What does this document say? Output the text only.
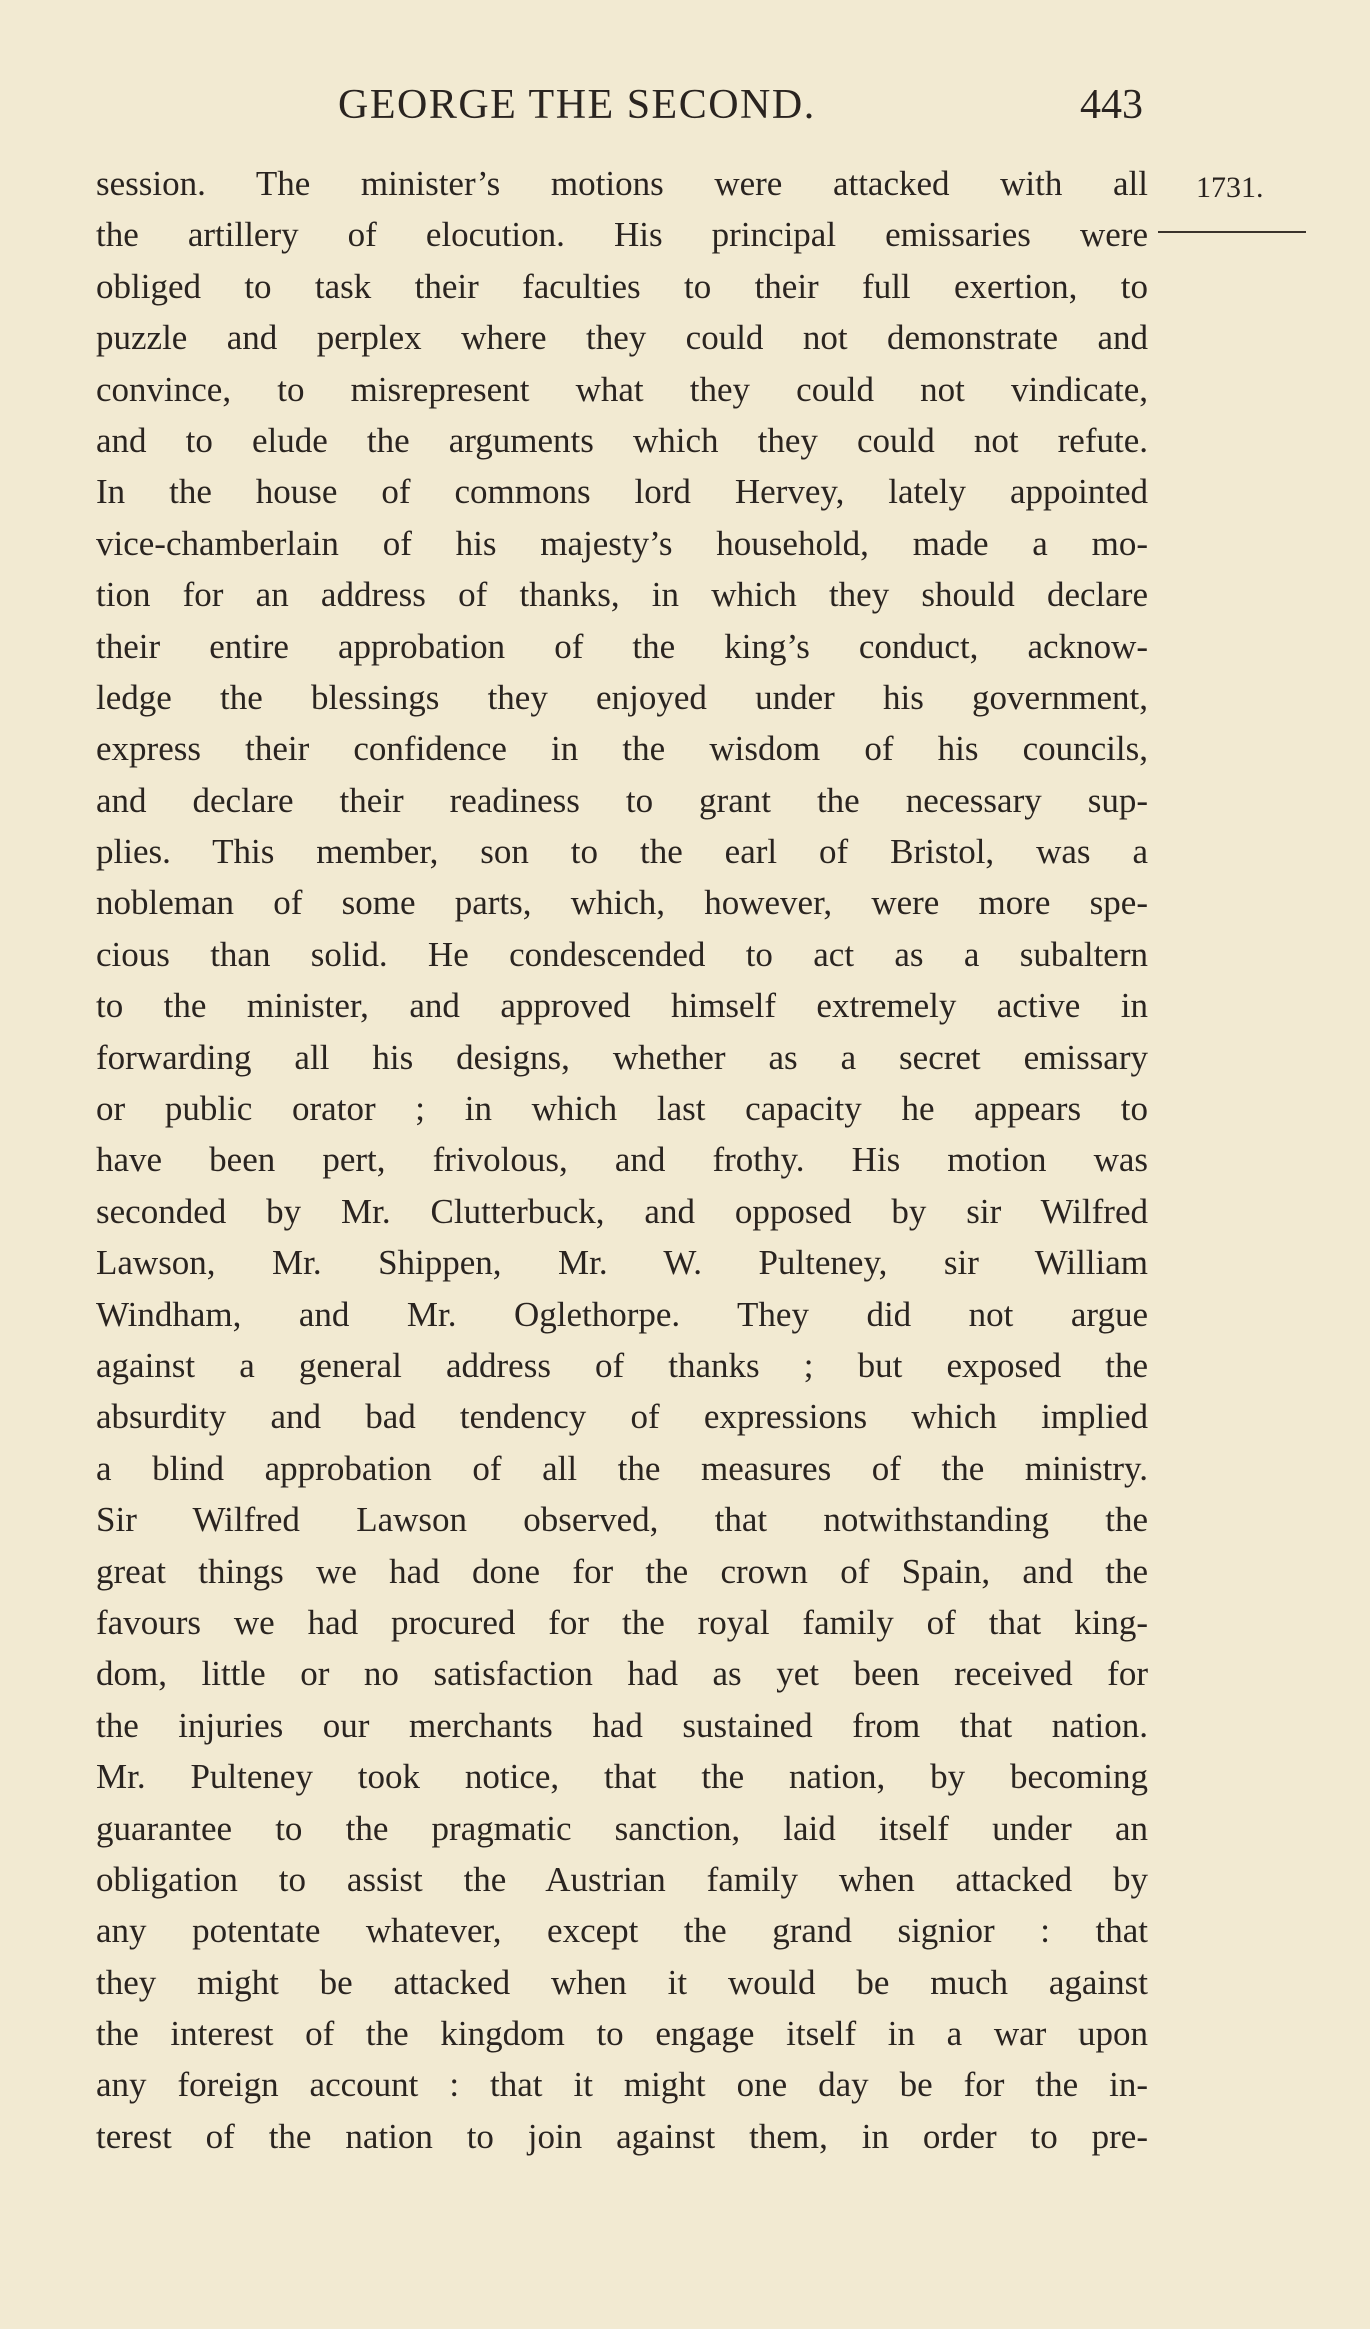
GEORGE THE SECOND.	443
1731.
session. The minister’s motions were attacked with all
the artillery of elocution. His principal emissaries were
obliged to task their faculties to their full exertion, to
puzzle and perplex where they could not demonstrate and
convince, to misrepresent what they could not vindicate,
and to elude the arguments which they could not refute.
In the house of commons lord Hervey, lately appointed
vice-chamberlain of his majesty’s household, made a mo-
tion for an address of thanks, in which they should declare
their entire approbation of the king’s conduct, acknow-
ledge the blessings they enjoyed under his government,
express their confidence in the wisdom of his councils,
and declare their readiness to grant the necessary sup-
plies. This member, son to the earl of Bristol, was a
nobleman of some parts, which, however, were more spe-
cious than solid. He condescended to act as a subaltern
to the minister, and approved himself extremely active in
forwarding all his designs, whether as a secret emissary
or public orator ; in which last capacity he appears to
have been pert, frivolous, and frothy. His motion was
seconded by Mr. Clutterbuck, and opposed by sir Wilfred
Lawson, Mr. Shippen, Mr. W. Pulteney, sir William
Windham, and Mr. Oglethorpe. They did not argue
against a general address of thanks ; but exposed the
absurdity and bad tendency of expressions which implied
a blind approbation of all the measures of the ministry.
Sir Wilfred Lawson observed, that notwithstanding the
great things we had done for the crown of Spain, and the
favours we had procured for the royal family of that king-
dom, little or no satisfaction had as yet been received for
the injuries our merchants had sustained from that nation.
Mr. Pulteney took notice, that the nation, by becoming
guarantee to the pragmatic sanction, laid itself under an
obligation to assist the Austrian family when attacked by
any potentate whatever, except the grand signior : that
they might be attacked when it would be much against
the interest of the kingdom to engage itself in a war upon
any foreign account : that it might one day be for the in-
terest of the nation to join against them, in order to pre-
